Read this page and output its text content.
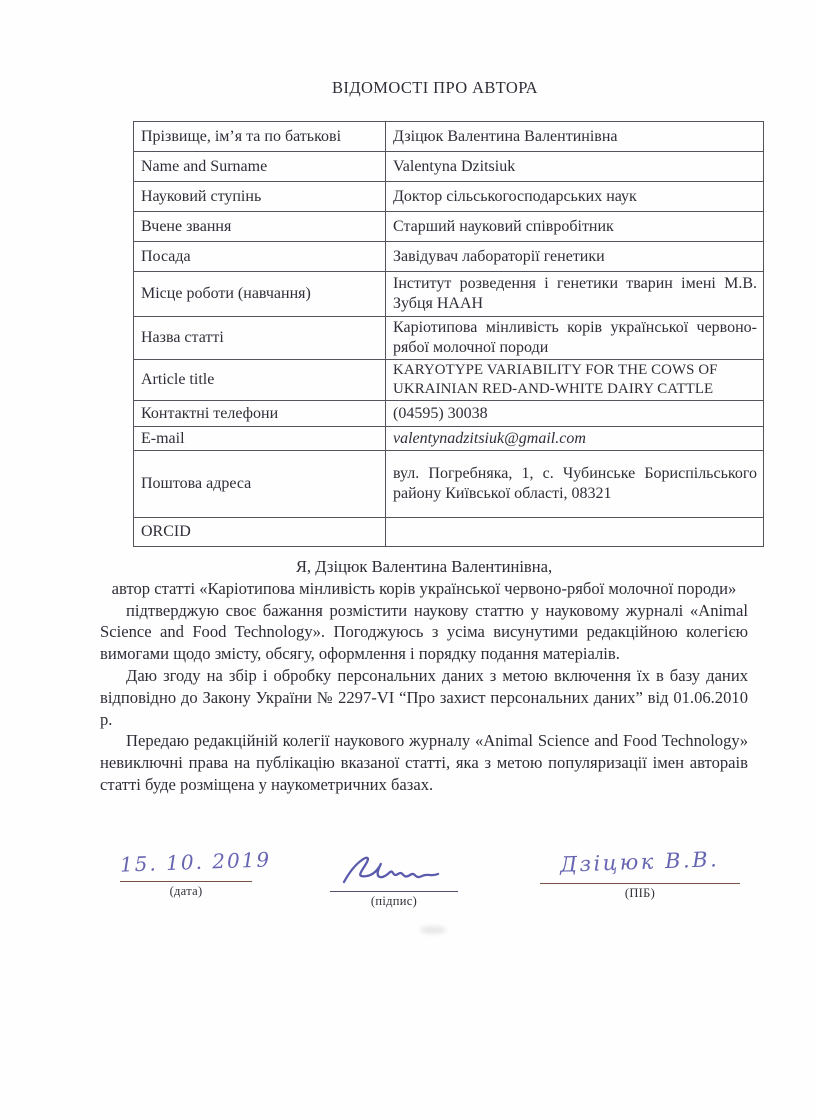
ВІДОМОСТІ ПРО АВТОРА
Прізвище, ім’я та по батькові	Дзіцюк Валентина Валентинівна
Name and Surname	Valentyna Dzitsiuk
Науковий ступінь	Доктор сільськогосподарських наук
Вчене звання	Старший науковий співробітник
Посада	Завідувач лабораторії генетики
Місце роботи (навчання)	Інститут розведення і генетики тварин імені М.В. Зубця НААН
Назва статті	Каріотипова мінливість корів української червоно-рябої молочної породи
Article title	KARYOTYPE VARIABILITY FOR THE COWS OF UKRAINIAN RED-AND-WHITE DAIRY CATTLE
Контактні телефони	(04595) 30038
E-mail	valentynadzitsiuk@gmail.com
Поштова адреса	вул. Погребняка, 1, с. Чубинське Бориспільського району Київської області, 08321
ORCID	

Я, Дзіцюк Валентина Валентинівна,

автор статті «Каріотипова мінливість корів української червоно-рябої молочної породи»

підтверджую своє бажання розмістити наукову статтю у науковому журналі «Animal Science and Food Technology». Погоджуюсь з усіма висунутими редакційною колегією вимогами щодо змісту, обсягу, оформлення і порядку подання матеріалів.

Даю згоду на збір і обробку персональних даних з метою включення їх в базу даних відповідно до Закону України № 2297-VI “Про захист персональних даних” від 01.06.2010 р.

Передаю редакційній колегії наукового журналу «Animal Science and Food Technology» невиключні права на публікацію вказаної статті, яка з метою популяризації імен автораів статті буде розміщена у наукометричних базах.

15. 10. 2019
(дата)
(підпис)
Дзіцюк В.В.
(ПІБ)
